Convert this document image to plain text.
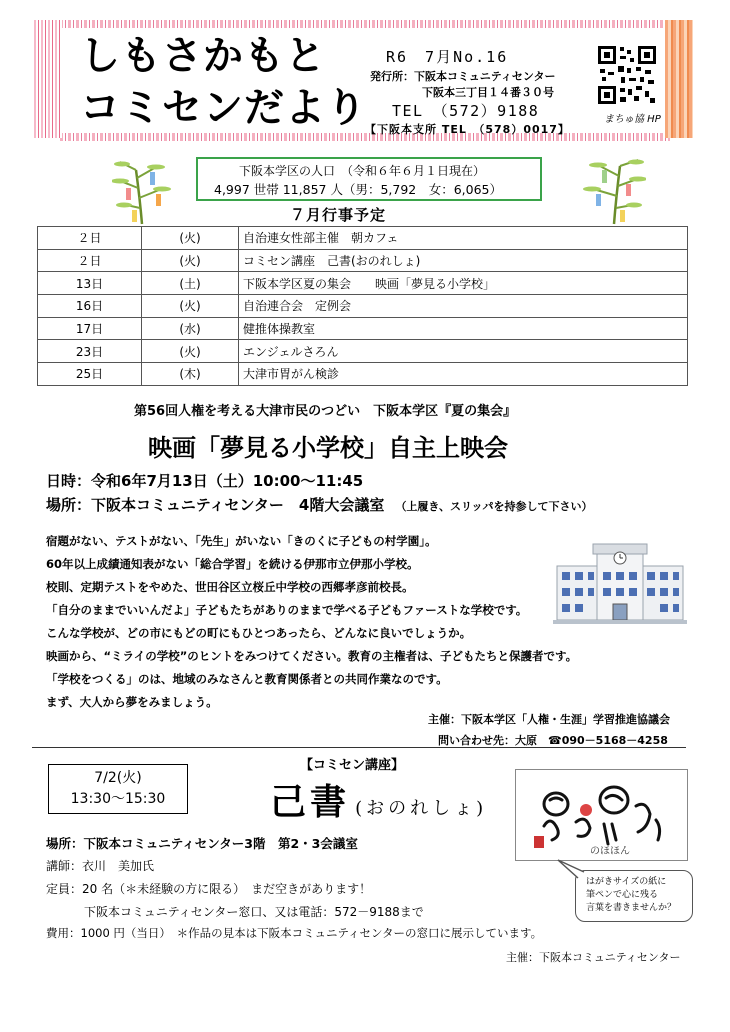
しもさかもと
コミセンだより
R6　7月No.16
発行所：下阪本コミュニティセンター
下阪本三丁目１４番３０号
TEL　（572）9188
【下阪本支所 TEL　（578）0017】
まちゅ協 HP
下阪本学区の人口　（令和６年６月１日現在）
4,997 世帯 11,857 人（男：5,792　女：6,065）
７月行事予定
２日	(火)	自治連女性部主催　朝カフェ
２日	(火)	コミセン講座　己書(おのれしょ)
13日	(土)	下阪本学区夏の集会　　映画「夢見る小学校」
16日	(火)	自治連合会　定例会
17日	(水)	健推体操教室
23日	(火)	エンジェルさろん
25日	(木)	大津市胃がん検診
第56回人権を考える大津市民のつどい　下阪本学区『夏の集会』
映画「夢見る小学校」自主上映会
日時：令和6年7月13日（土）10:00～11:45
場所：下阪本コミュニティセンター　4階大会議室 （上履き、スリッパを持参して下さい）
宿題がない、テストがない、「先生」がいない「きのくに子どもの村学園」。
60年以上成績通知表がない「総合学習」を続ける伊那市立伊那小学校。
校則、定期テストをやめた、世田谷区立桜丘中学校の西郷孝彦前校長。
「自分のままでいいんだよ」子どもたちがありのままで学べる子どもファーストな学校です。
こんな学校が、どの市にもどの町にもひとつあったら、どんなに良いでしょうか。
映画から、“ミライの学校”のヒントをみつけてください。教育の主権者は、子どもたちと保護者です。
「学校をつくる」のは、地域のみなさんと教育関係者との共同作業なのです。
まず、大人から夢をみましょう。
主催：下阪本学区「人権・生涯」学習推進協議会
問い合わせ先：大原　☎090－5168－4258
【コミセン講座】
7/2(火)
13:30～15:30	己書 (おのれしょ)
のほほん
場所：下阪本コミュニティセンター3階　第2・3会議室
講師：衣川　美加氏
定員：20 名（＊未経験の方に限る）　まだ空きがあります！
下阪本コミュニティセンター窓口、又は電話：572－9188まで
費用：1000 円（当日）　＊作品の見本は下阪本コミュニティセンターの窓口に展示しています。
主催：下阪本コミュニティセンター
はがきサイズの紙に
筆ペンで心に残る
言葉を書きませんか？
